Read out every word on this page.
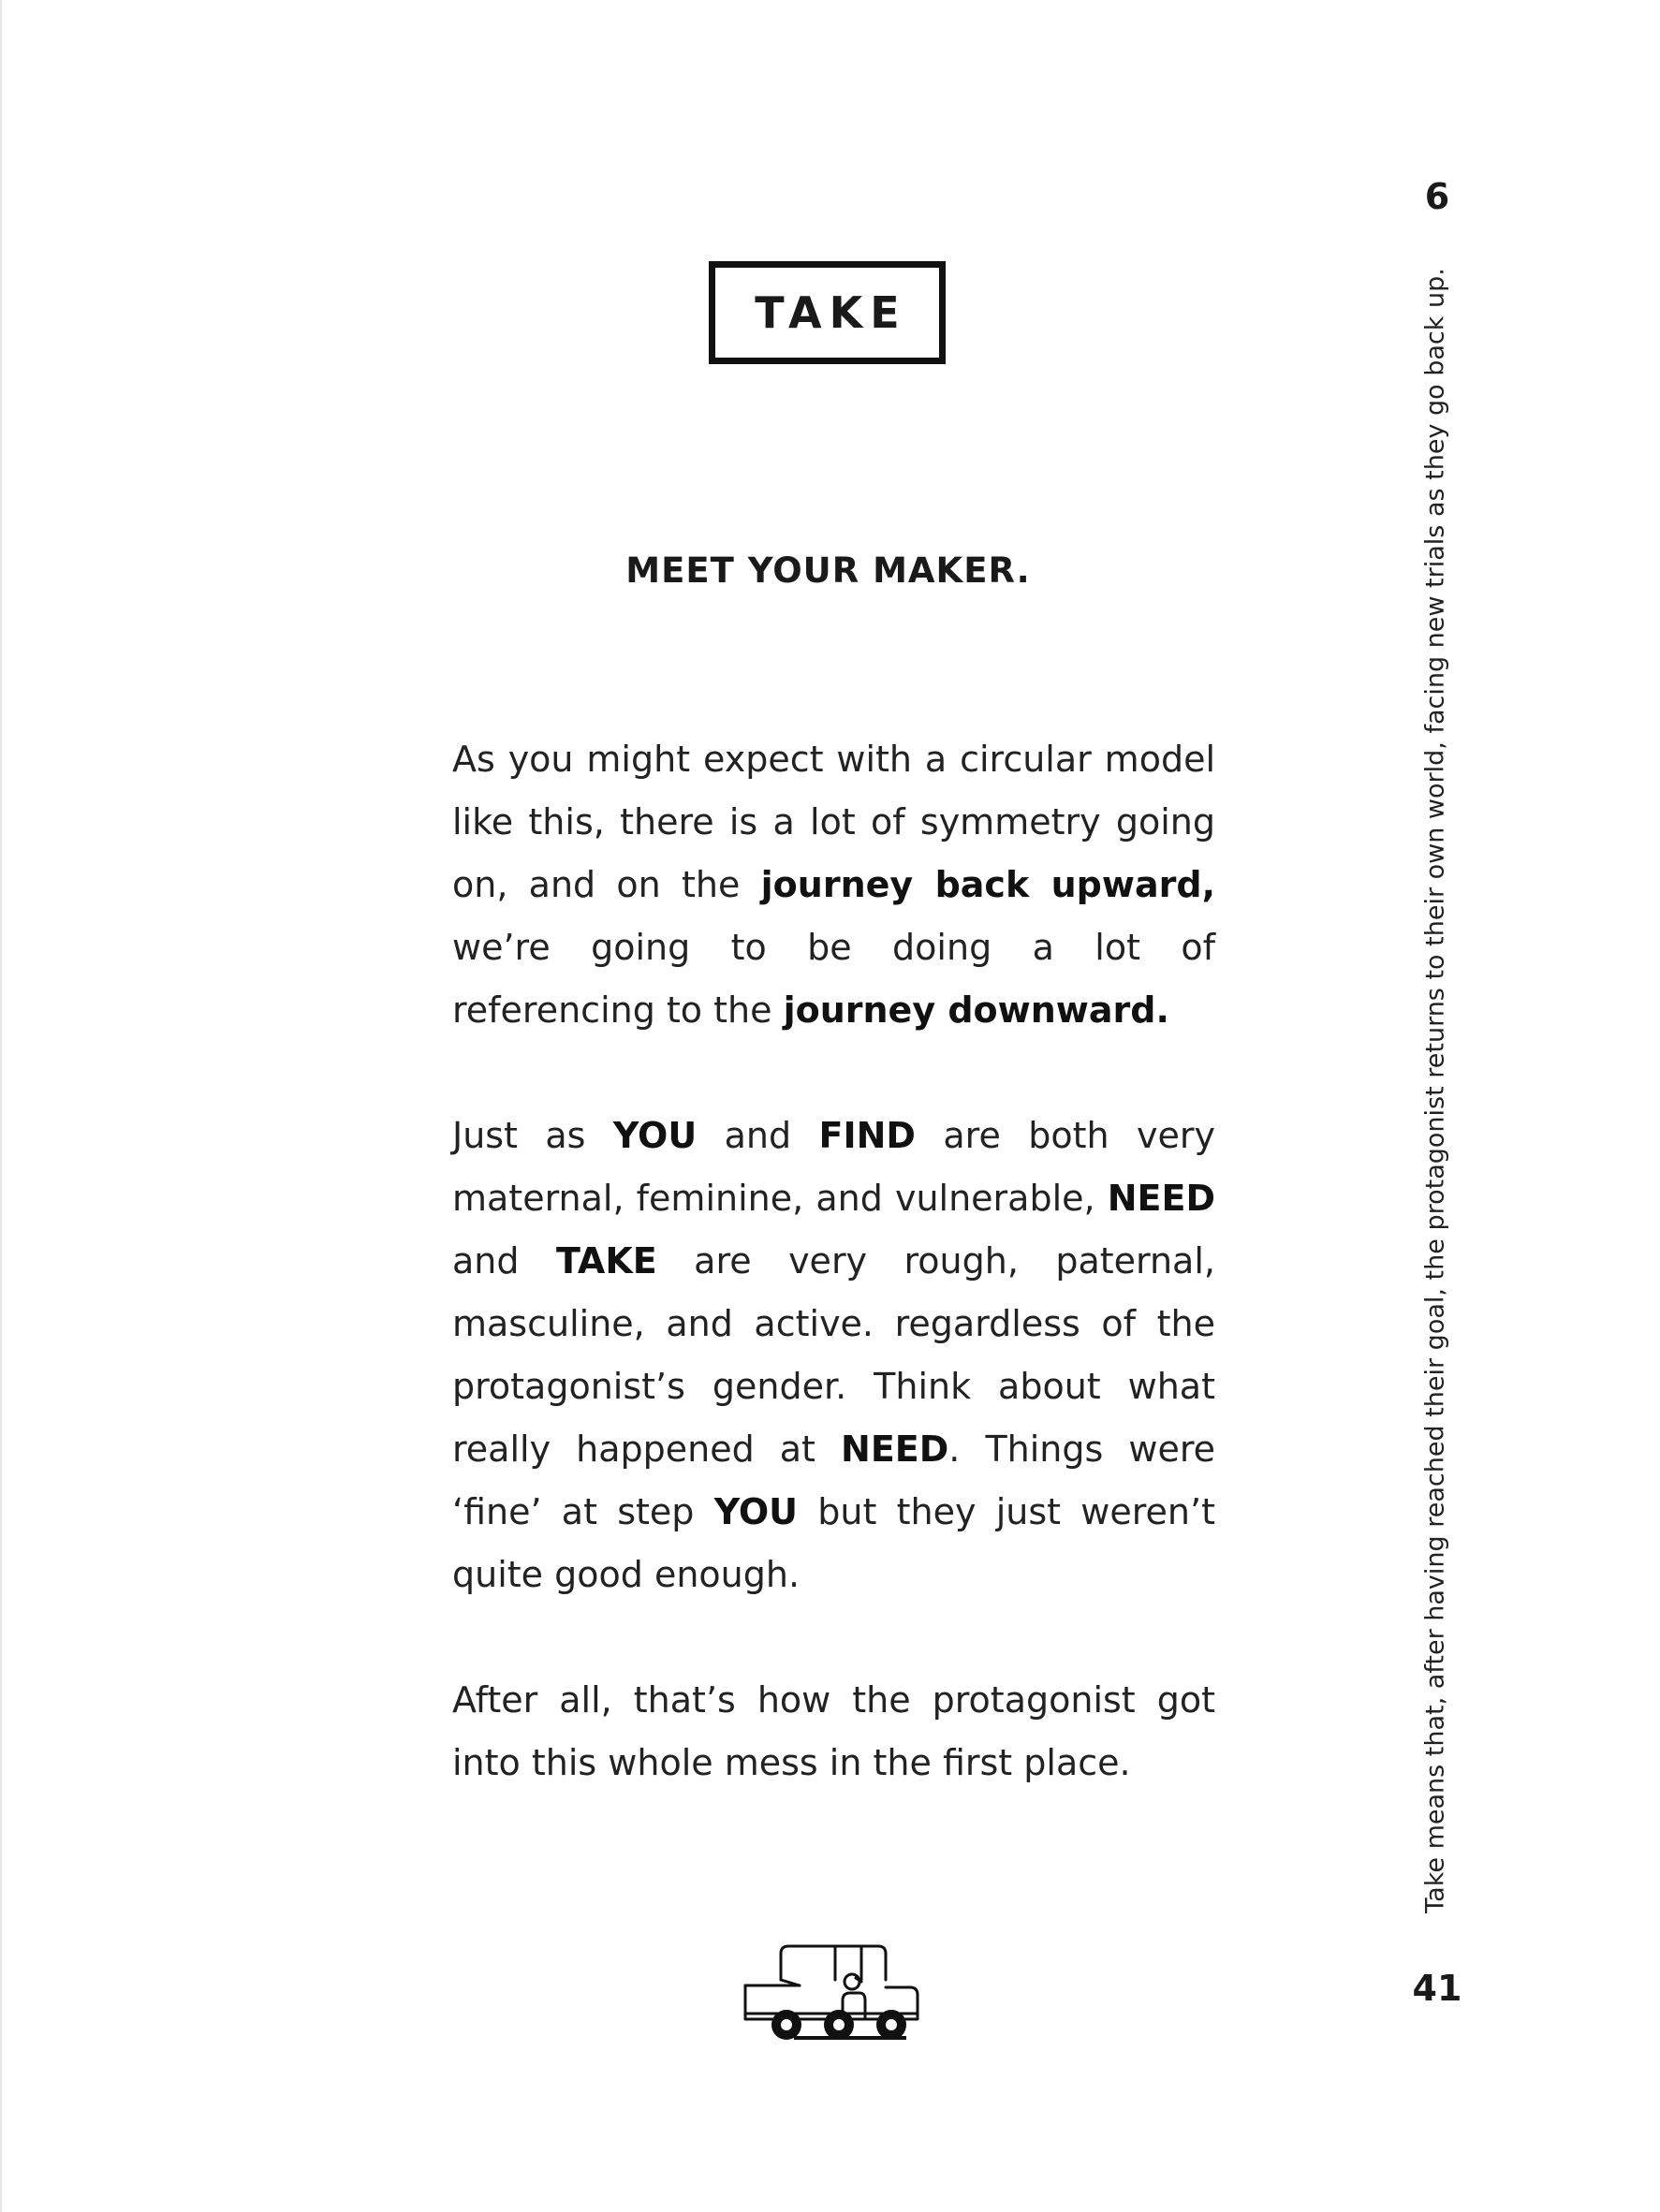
6
TAKE
MEET YOUR MAKER.

As you might expect with a circular model like this, there is a lot of symmetry going on, and on the journey back upward, we’re going to be doing a lot of referencing to the journey downward.

Just as YOU and FIND are both very maternal, feminine, and vulnerable, NEED and TAKE are very rough, paternal, masculine, and active. regardless of the protagonist’s gender. Think about what really happened at NEED. Things were ‘fine’ at step YOU but they just weren’t quite good enough.

After all, that’s how the protagonist got into this whole mess in the first place.	Take means that, after having reached their goal, the protagonist returns to their own world, facing new trials as they go back up.
41
